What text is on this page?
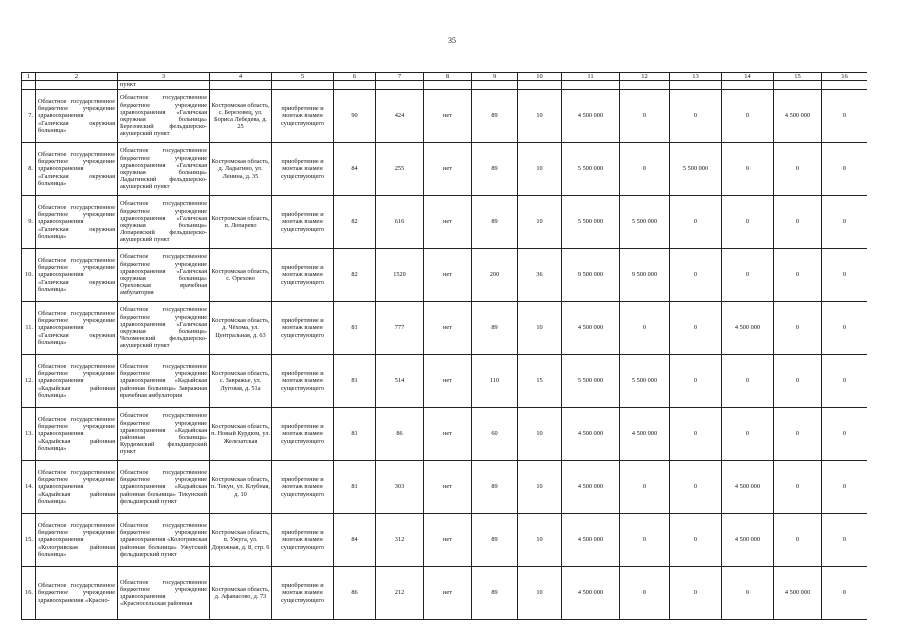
35
1	2	3	4	5	6	7	8	9	10	11	12	13	14	15	16

		пункт													

7.	Областное государственное бюджетное учреждение здравоохранения «Галичская окружная больница»	Областное государственное бюджетное учреждение здравоохранения «Галичская окружная больница» Березовский фельдшерско-акушерский пункт	Костромская область, с. Березовец, ул. Бориса Лебедева, д. 25	приобретение и монтаж взамен существующего	90	424	нет	89	10	4 500 000	0	0	0	4 500 000	0

8.	Областное государственное бюджетное учреждение здравоохранения «Галичская окружная больница»	Областное государственное бюджетное учреждение здравоохранения «Галичская окружная больница» Ладыгинский фельдшерско-акушерский пункт	Костромская область, д. Ладыгино, ул. Ленина, д. 35	приобретение и монтаж взамен существующего	84	255	нет	89	10	5 500 000	0	5 500 000	0	0	0

9.	Областное государственное бюджетное учреждение здравоохранения «Галичская окружная больница»	Областное государственное бюджетное учреждение здравоохранения «Галичская окружная больница» Лопаревский фельдшерско-акушерский пункт	Костромская область, п. Лопарево	приобретение и монтаж взамен существующего	82	616	нет	89	10	5 500 000	5 500 000	0	0	0	0

10.	Областное государственное бюджетное учреждение здравоохранения «Галичская окружная больница»	Областное государственное бюджетное учреждение здравоохранения «Галичская окружная больница» Ореховская врачебная амбулатория	Костромская область, с. Орехово	приобретение и монтаж взамен существующего	82	1520	нет	200	36	9 500 000	9 500 000	0	0	0	0

11.	Областное государственное бюджетное учреждение здравоохранения «Галичская окружная больница»	Областное государственное бюджетное учреждение здравоохранения «Галичская окружная больница» Чехоменский фельдшерско-акушерский пункт	Костромская область, д. Чёхома, ул. Центральная, д. 63	приобретение и монтаж взамен существующего	81	777	нет	89	10	4 500 000	0	0	4 500 000	0	0

12.	Областное государственное бюджетное учреждение здравоохранения «Кадыйская районная больница»	Областное государственное бюджетное учреждение здравоохранения «Кадыйская районная больница» Завражная врачебная амбулатория	Костромская область, с. Завражье, ул. Луговая, д. 51а	приобретение и монтаж взамен существующего	81	514	нет	110	15	5 500 000	5 500 000	0	0	0	0

13.	Областное государственное бюджетное учреждение здравоохранения «Кадыйская районная больница»	Областное государственное бюджетное учреждение здравоохранения «Кадыйская районная больница» Курдюмский фельдшерский пункт	Костромская область, п. Новый Курдюм, ул. Железатская	приобретение и монтаж взамен существующего	81	86	нет	60	10	4 500 000	4 500 000	0	0	0	0

14.	Областное государственное бюджетное учреждение здравоохранения «Кадыйская районная больница»	Областное государственное бюджетное учреждение здравоохранения «Кадыйская районная больница» Текунский фельдшерский пункт	Костромская область, п. Текун, ул. Клубная, д. 10	приобретение и монтаж взамен существующего	81	303	нет	89	10	4 500 000	0	0	4 500 000	0	0

15.	Областное государственное бюджетное учреждение здравоохранения «Кологривская районная больница»	Областное государственное бюджетное учреждение здравоохранения «Кологривская районная больница» Ужугский фельдшерский пункт	Костромская область, п. Ужуга, ул. Дорожная, д. 8, стр. 6	приобретение и монтаж взамен существующего	84	312	нет	89	10	4 500 000	0	0	4 500 000	0	0

16.	Областное государственное бюджетное учреждение здравоохранения «Красно-	Областное государственное бюджетное учреждение здравоохранения «Красносельская районная	Костромская область, д. Афанасово, д. 73	приобретение и монтаж взамен существующего	86	212	нет	89	10	4 500 000	0	0	0	4 500 000	0
